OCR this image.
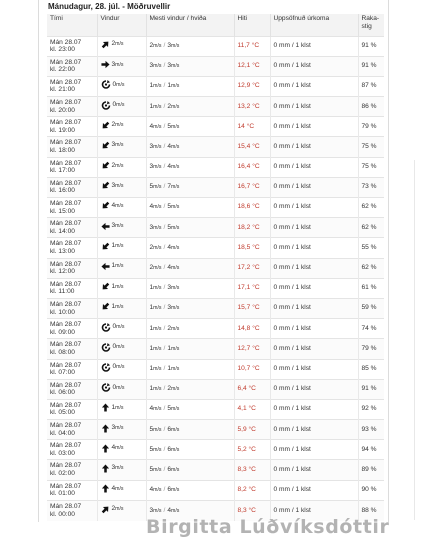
Mánudagur, 28. júl. - Möðruvellir
Tími	Vindur	Mesti vindur / hviða	Hiti	Uppsöfnuð úrkoma	Raka-
stig
Mán 28.07
kl. 23:00	2m/s	2m/s / 3m/s	11,7 °C	0 mm / 1 klst	91 %
Mán 28.07
kl. 22:00	3m/s	3m/s / 3m/s	12,1 °C	0 mm / 1 klst	91 %
Mán 28.07
kl. 21:00	0m/s	1m/s / 1m/s	12,9 °C	0 mm / 1 klst	87 %
Mán 28.07
kl. 20:00	0m/s	1m/s / 2m/s	13,2 °C	0 mm / 1 klst	86 %
Mán 28.07
kl. 19:00	2m/s	4m/s / 5m/s	14 °C	0 mm / 1 klst	79 %
Mán 28.07
kl. 18:00	3m/s	3m/s / 4m/s	15,4 °C	0 mm / 1 klst	75 %
Mán 28.07
kl. 17:00	2m/s	3m/s / 4m/s	16,4 °C	0 mm / 1 klst	75 %
Mán 28.07
kl. 16:00	3m/s	5m/s / 7m/s	16,7 °C	0 mm / 1 klst	73 %
Mán 28.07
kl. 15:00	4m/s	4m/s / 5m/s	18,6 °C	0 mm / 1 klst	62 %
Mán 28.07
kl. 14:00	3m/s	3m/s / 5m/s	18,2 °C	0 mm / 1 klst	62 %
Mán 28.07
kl. 13:00	1m/s	2m/s / 4m/s	18,5 °C	0 mm / 1 klst	55 %
Mán 28.07
kl. 12:00	1m/s	2m/s / 4m/s	17,2 °C	0 mm / 1 klst	62 %
Mán 28.07
kl. 11:00	1m/s	1m/s / 3m/s	17,1 °C	0 mm / 1 klst	61 %
Mán 28.07
kl. 10:00	1m/s	1m/s / 3m/s	15,7 °C	0 mm / 1 klst	59 %
Mán 28.07
kl. 09:00	0m/s	1m/s / 2m/s	14,8 °C	0 mm / 1 klst	74 %
Mán 28.07
kl. 08:00	0m/s	1m/s / 1m/s	12,7 °C	0 mm / 1 klst	79 %
Mán 28.07
kl. 07:00	0m/s	1m/s / 1m/s	10,7 °C	0 mm / 1 klst	85 %
Mán 28.07
kl. 06:00	0m/s	1m/s / 2m/s	6,4 °C	0 mm / 1 klst	91 %
Mán 28.07
kl. 05:00	1m/s	4m/s / 5m/s	4,1 °C	0 mm / 1 klst	92 %
Mán 28.07
kl. 04:00	3m/s	5m/s / 6m/s	5,9 °C	0 mm / 1 klst	93 %
Mán 28.07
kl. 03:00	4m/s	5m/s / 6m/s	5,2 °C	0 mm / 1 klst	94 %
Mán 28.07
kl. 02:00	3m/s	5m/s / 6m/s	8,3 °C	0 mm / 1 klst	89 %
Mán 28.07
kl. 01:00	4m/s	4m/s / 6m/s	8,2 °C	0 mm / 1 klst	90 %
Mán 28.07
kl. 00:00	2m/s	3m/s / 4m/s	8,3 °C	0 mm / 1 klst	88 %
Birgitta Lúðvíksdóttir
